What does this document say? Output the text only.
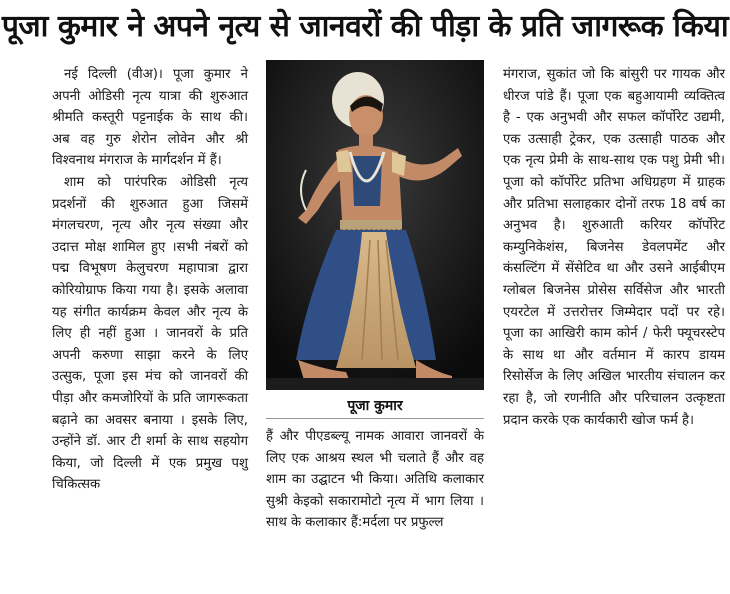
पूजा कुमार ने अपने नृत्य से जानवरों की पीड़ा के प्रति जागरूक किया

नई दिल्ली (वीअ)। पूजा कुमार ने अपनी ओडिसी नृत्य यात्रा की शुरुआत श्रीमति कस्तूरी पट्टनाईक के साथ की। अब वह गुरु शेरोन लोवेन और श्री विश्वनाथ मंगराज के मार्गदर्शन में हैं।

शाम को पारंपरिक ओडिसी नृत्य प्रदर्शनों की शुरुआत हुआ जिसमें मंगलचरण, नृत्य और नृत्य संख्या और उदात्त मोक्ष शामिल हुए ।सभी नंबरों को पद्म विभूषण केलुचरण महापात्रा द्वारा कोरियोग्राफ किया गया है। इसके अलावा यह संगीत कार्यक्रम केवल और नृत्य के लिए ही नहीं हुआ । जानवरों के प्रति अपनी करुणा साझा करने के लिए उत्सुक, पूजा इस मंच को जानवरों की पीड़ा और कमजोरियों के प्रति जागरूकता बढ़ाने का अवसर बनाया । इसके लिए, उन्होंने डॉ. आर टी शर्मा के साथ सहयोग किया, जो दिल्ली में एक प्रमुख पशु चिकित्सक

पूजा कुमार

हैं और पीएडब्ल्यू नामक आवारा जानवरों के लिए एक आश्रय स्थल भी चलाते हैं और वह शाम का उद्घाटन भी किया। अतिथि कलाकार सुश्री केइको सकारामोटो नृत्य में भाग लिया ।साथ के कलाकार हैं:मर्दला पर प्रफुल्ल

मंगराज, सुकांत जो कि बांसुरी पर गायक और धीरज पांडे हैं। पूजा एक बहुआयामी व्यक्तित्व है - एक अनुभवी और सफल कॉर्पोरेट उद्यमी, एक उत्साही ट्रेकर, एक उत्साही पाठक और एक नृत्य प्रेमी के साथ-साथ एक पशु प्रेमी भी। पूजा को कॉर्पोरेट प्रतिभा अधिग्रहण में ग्राहक और प्रतिभा सलाहकार दोनों तरफ 18 वर्ष का अनुभव है। शुरुआती करियर कॉर्पोरेट कम्युनिकेशंस, बिजनेस डेवलपमेंट और कंसल्टिंग में सेंसेटिव था और उसने आईबीएम ग्लोबल बिजनेस प्रोसेस सर्विसेज और भारती एयरटेल में उत्तरोत्तर जिम्मेदार पदों पर रहे। पूजा का आखिरी काम कोर्न / फेरी फ्यूचरस्टेप के साथ था और वर्तमान में कारप डायम रिसोर्सेज के लिए अखिल भारतीय संचालन कर रहा है, जो रणनीति और परिचालन उत्कृष्टता प्रदान करके एक कार्यकारी खोज फर्म है।
